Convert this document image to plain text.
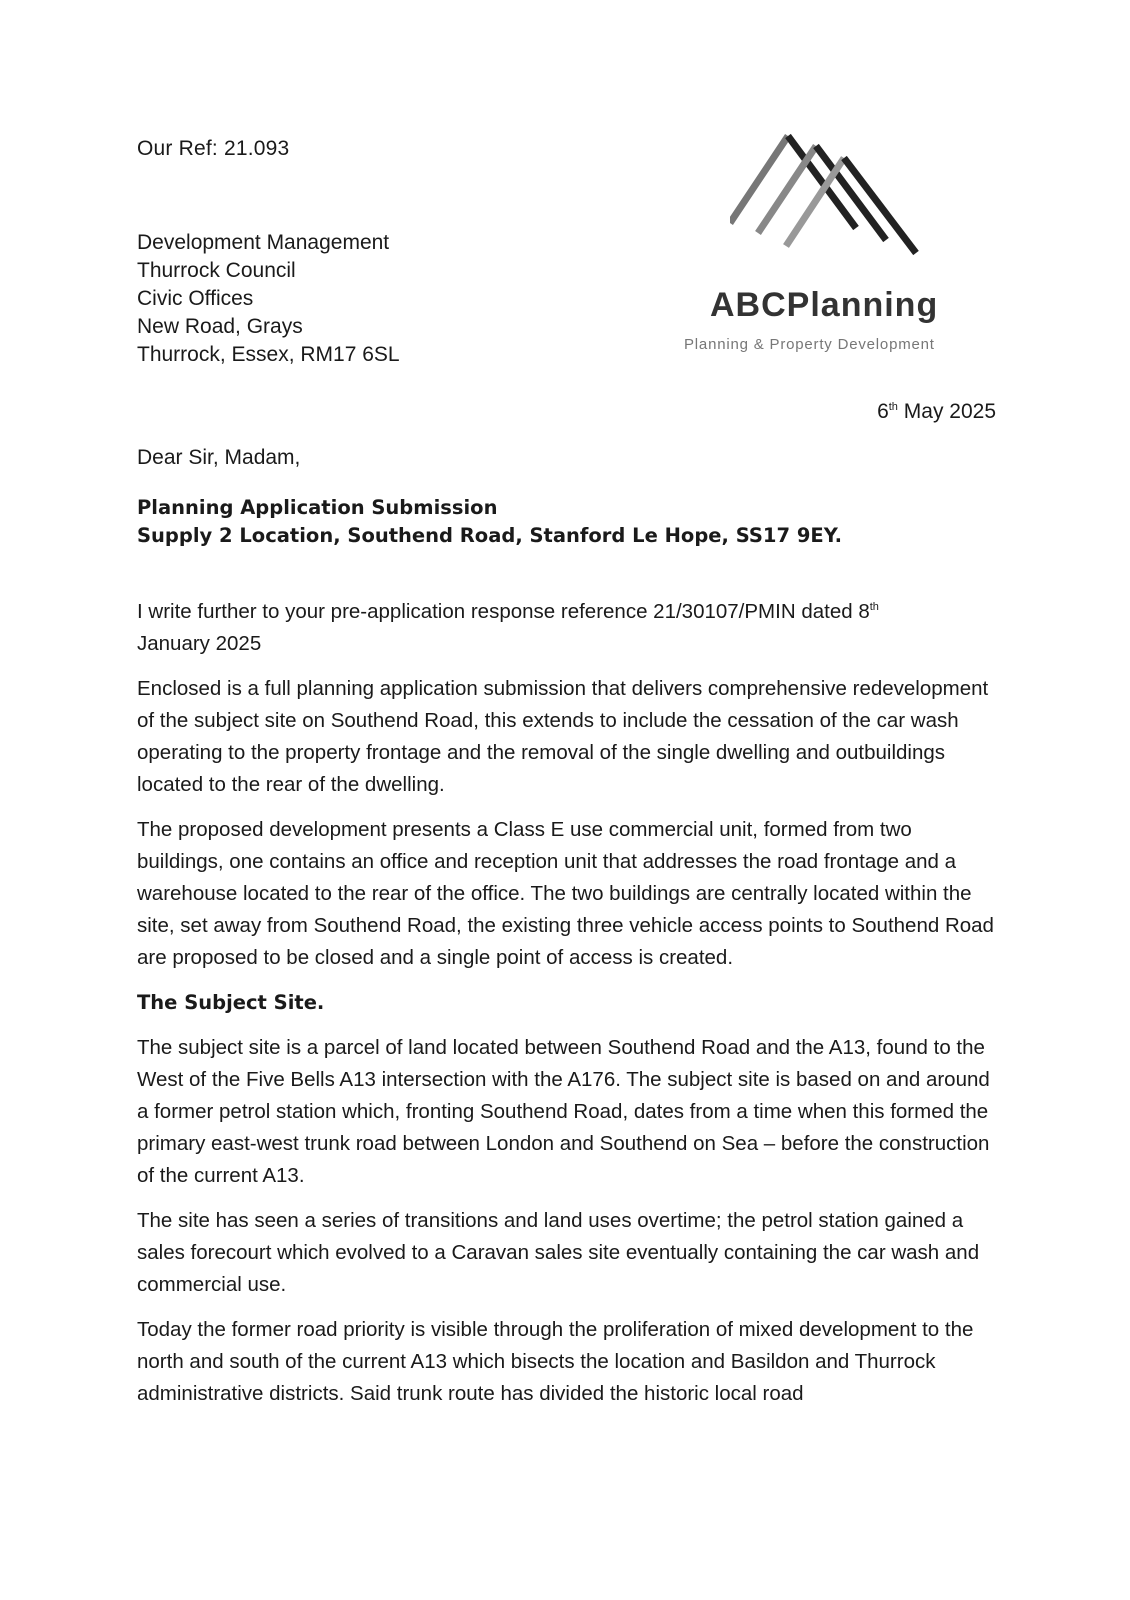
Our Ref: 21.093
Development Management
Thurrock Council
Civic Offices
New Road, Grays
Thurrock, Essex, RM17 6SL
ABCPlanning
Planning & Property Development
6th May 2025
Dear Sir, Madam,
Planning Application Submission
Supply 2 Location, Southend Road, Stanford Le Hope, SS17 9EY.

I write further to your pre-application response reference 21/30107/PMIN dated 8th
January 2025

Enclosed is a full planning application submission that delivers comprehensive redevelopment of the subject site on Southend Road, this extends to include the cessation of the car wash operating to the property frontage and the removal of the single dwelling and outbuildings located to the rear of the dwelling.

The proposed development presents a Class E use commercial unit, formed from two buildings, one contains an office and reception unit that addresses the road frontage and a warehouse located to the rear of the office. The two buildings are centrally located within the site, set away from Southend Road, the existing three vehicle access points to Southend Road are proposed to be closed and a single point of access is created.

The Subject Site.

The subject site is a parcel of land located between Southend Road and the A13, found to the West of the Five Bells A13 intersection with the A176. The subject site is based on and around a former petrol station which, fronting Southend Road, dates from a time when this formed the primary east-west trunk road between London and Southend on Sea – before the construction of the current A13.

The site has seen a series of transitions and land uses overtime; the petrol station gained a sales forecourt which evolved to a Caravan sales site eventually containing the car wash and commercial use.

Today the former road priority is visible through the proliferation of mixed development to the north and south of the current A13 which bisects the location and Basildon and Thurrock administrative districts. Said trunk route has divided the historic local road
